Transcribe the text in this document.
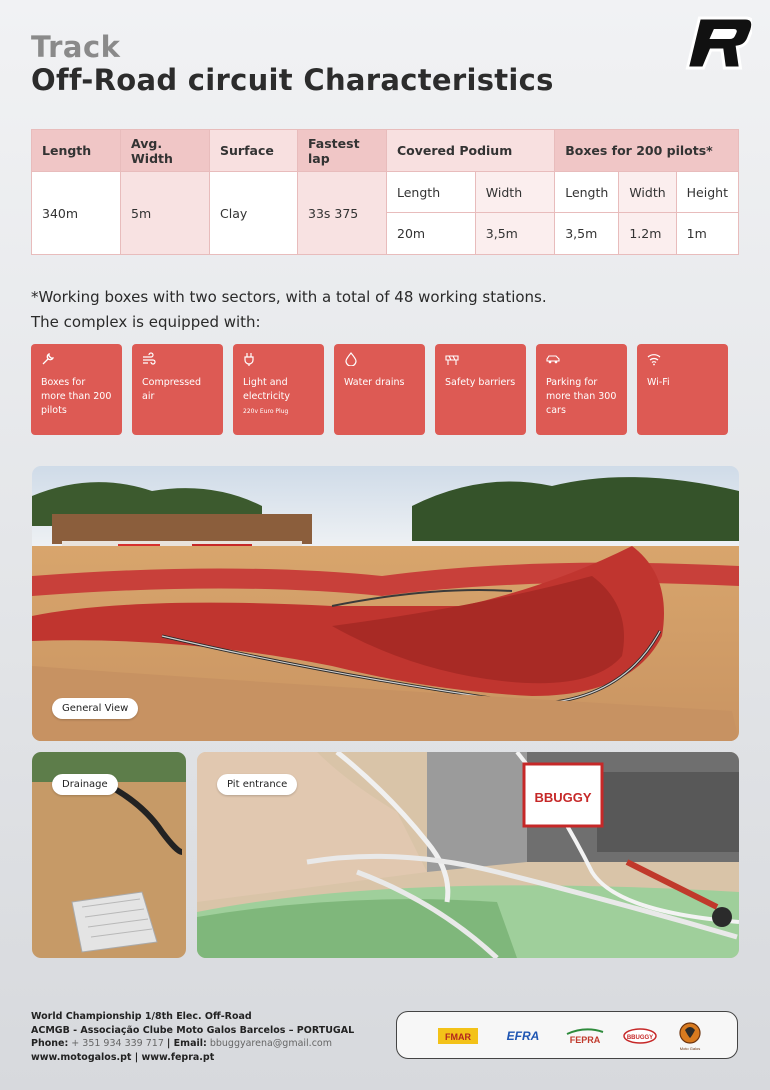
Track
Off-Road circuit Characteristics
Length	Avg. Width	Surface	Fastest lap	Covered Podium		Boxes for 200 pilots*		
340m	5m	Clay	33s 375	Length	Width	Length	Width	Height
				20m	3,5m	3,5m	1.2m	1m
*Working boxes with two sectors, with a total of 48 working stations.
The complex is equipped with:
Boxes for more than 200 pilots
Compressed air
Light and electricity
220v Euro Plug
Water drains	Safety barriers	Parking for more than 300 cars
Wi-Fi
General View
Drainage
BBUGGY
Pit entrance
World Championship 1/8th Elec. Off-Road
ACMGB - Associação Clube Moto Galos Barcelos – PORTUGAL
Phone: + 351 934 339 717 | Email: bbuggyarena@gmail.com
www.motogalos.pt | www.fepra.pt
FMAR	EFRA	FEPRA	BBUGGY
Moto Galos
